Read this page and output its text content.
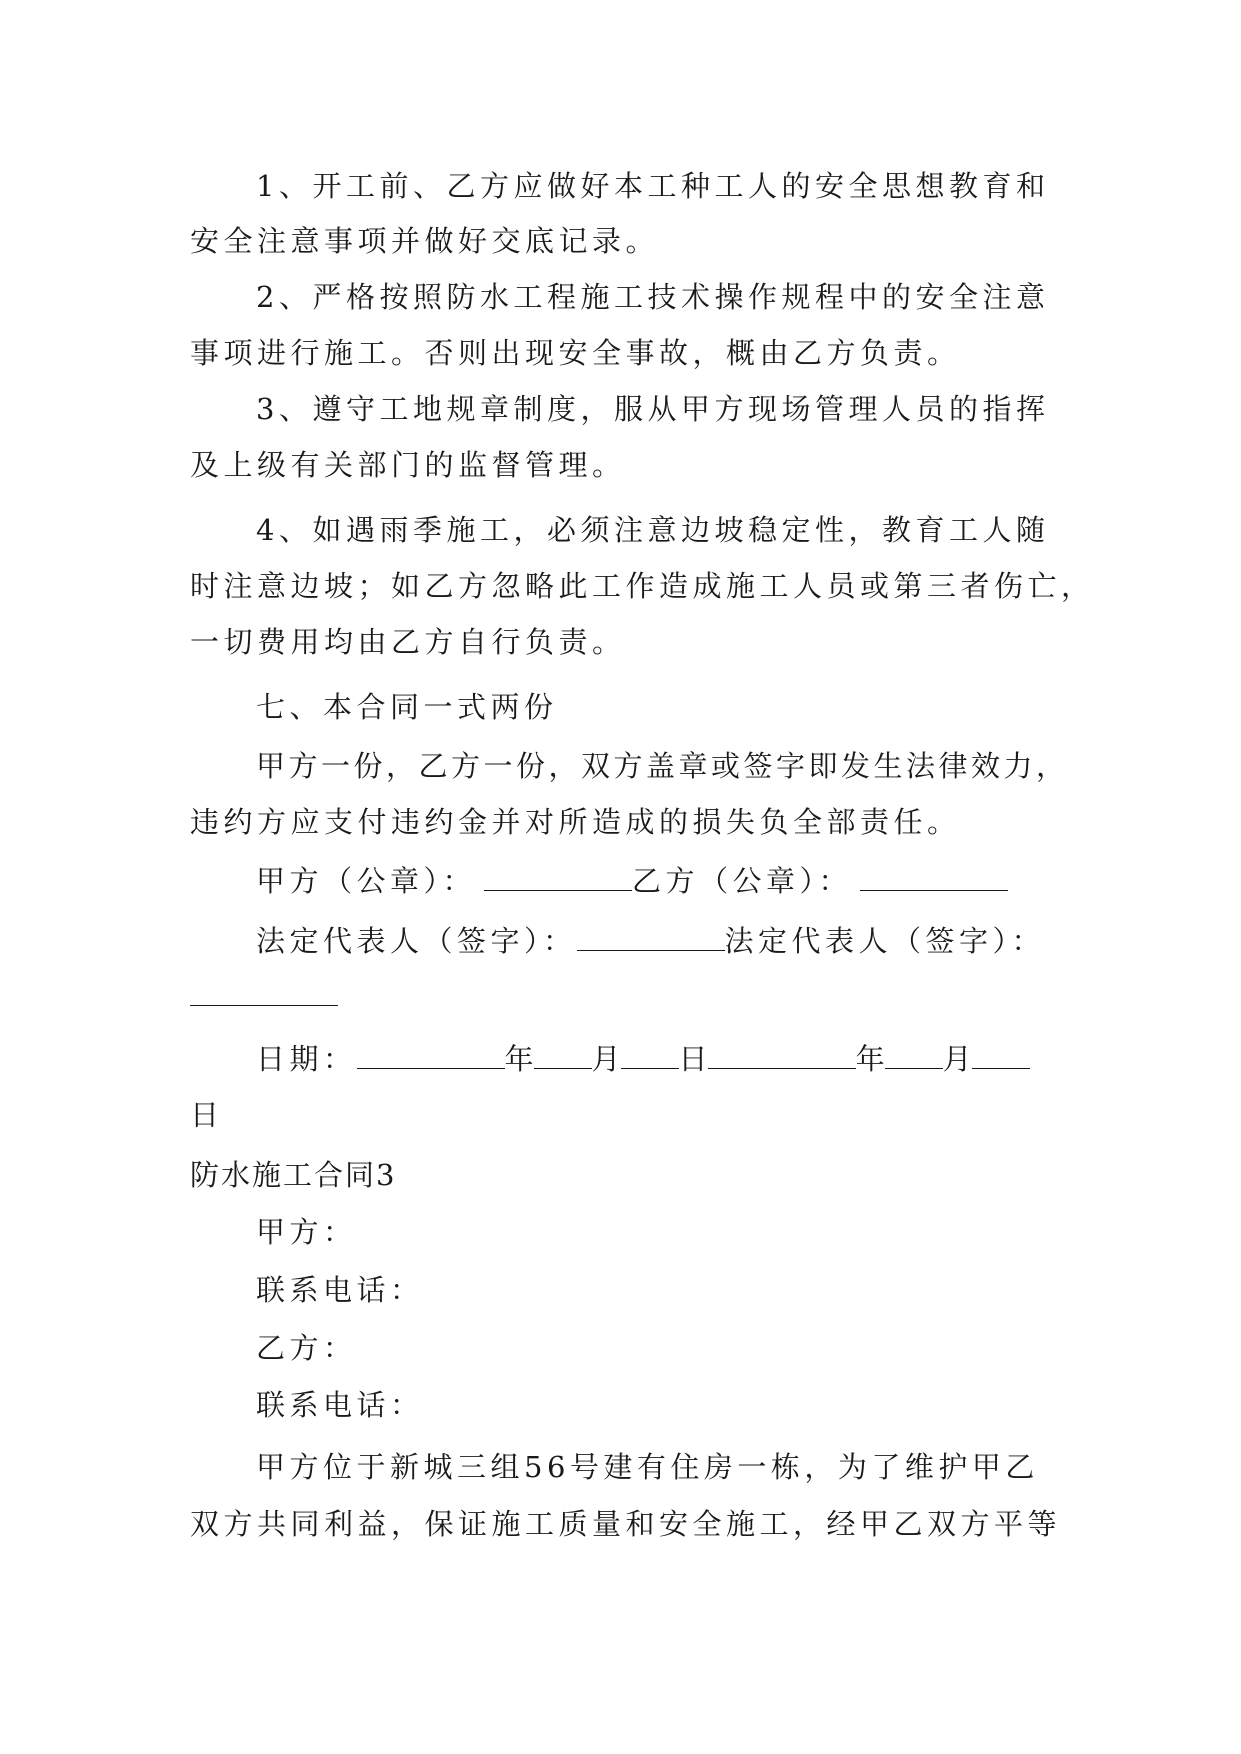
1、开工前、乙方应做好本工种工人的安全思想教育和
安全注意事项并做好交底记录。
2、严格按照防水工程施工技术操作规程中的安全注意
事项进行施工。否则出现安全事故，概由乙方负责。
3、遵守工地规章制度，服从甲方现场管理人员的指挥
及上级有关部门的监督管理。
4、如遇雨季施工，必须注意边坡稳定性，教育工人随
时注意边坡；如乙方忽略此工作造成施工人员或第三者伤亡，
一切费用均由乙方自行负责。
七、本合同一式两份
甲方一份，乙方一份，双方盖章或签字即发生法律效力，
违约方应支付违约金并对所造成的损失负全部责任。
甲方（公章）：	乙方（公章）：
法定代表人（签字）：	法定代表人（签字）：
日期：	年 月 日	年 月
日
防水施工合同3
甲方：
联系电话：
乙方：
联系电话：
甲方位于新城三组56号建有住房一栋，为了维护甲乙
双方共同利益，保证施工质量和安全施工，经甲乙双方平等
